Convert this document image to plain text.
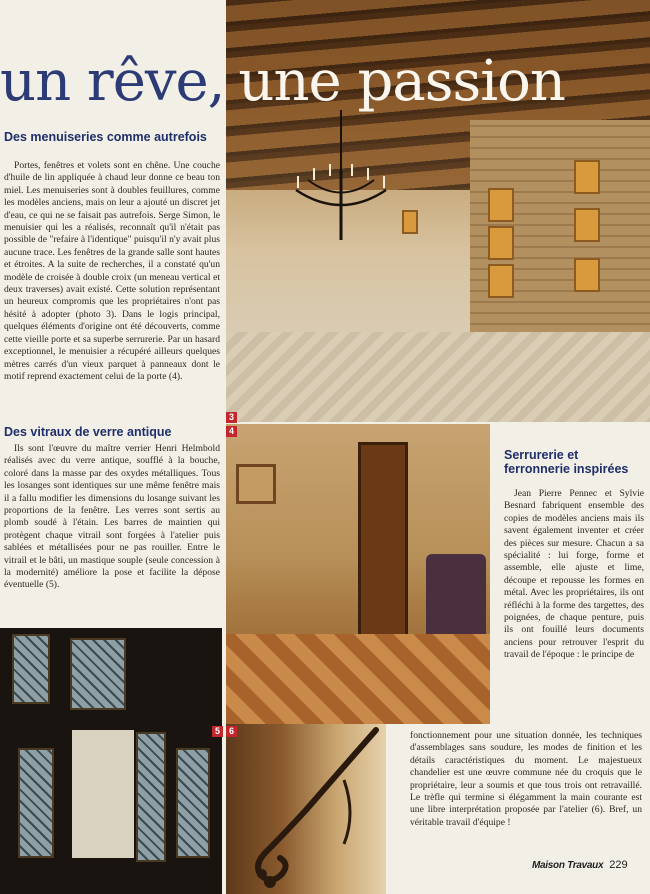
un rêve, une passion
Des menuiseries comme autrefois

Portes, fenêtres et volets sont en chêne. Une couche d'huile de lin appliquée à chaud leur donne ce beau ton miel. Les menuiseries sont à doubles feuillures, comme les modèles anciens, mais on leur a ajouté un discret jet d'eau, ce qui ne se faisait pas autrefois. Serge Simon, le menuisier qui les a réalisés, reconnaît qu'il n'était pas possible de "refaire à l'identique" puisqu'il n'y avait plus aucune trace. Les fenêtres de la grande salle sont hautes et étroites. A la suite de recherches, il a constaté qu'un modèle de croisée à double croix (un meneau vertical et deux traverses) avait existé. Cette solution représentant un heureux compromis que les propriétaires n'ont pas hésité à adopter (photo 3). Dans le logis principal, quelques éléments d'origine ont été découverts, comme cette vieille porte et sa superbe serrurerie. Par un hasard exceptionnel, le menuisier a récupéré ailleurs quelques mètres carrés d'un vieux parquet à panneaux dont le motif reprend exactement celui de la porte (4).

Des vitraux de verre antique

Ils sont l'œuvre du maître verrier Henri Helmbold réalisés avec du verre antique, soufflé à la bouche, coloré dans la masse par des oxydes métalliques. Tous les losanges sont identiques sur une même fenêtre mais il a fallu modifier les dimensions du losange suivant les proportions de la fenêtre. Les verres sont sertis au plomb soudé à l'étain. Les barres de maintien qui protègent chaque vitrail sont forgées à l'atelier puis sablées et métallisées pour ne pas rouiller. Entre le vitrail et le bâti, un mastique souple (seule concession à la modernité) améliore la pose et facilite la dépose éventuelle (5).

Serrurerie et ferronnerie inspirées

Jean Pierre Pennec et Sylvie Besnard fabriquent ensemble des copies de modèles anciens mais ils savent également inventer et créer des pièces sur mesure. Chacun a sa spécialité : lui forge, forme et assemble, elle ajuste et lime, découpe et repousse les formes en métal. Avec les propriétaires, ils ont réfléchi à la forme des targettes, des poignées, de chaque penture, puis ils ont fouillé leurs documents anciens pour retrouver l'esprit du travail de l'époque : le principe de

fonctionnement pour une situation donnée, les techniques d'assemblages sans soudure, les modes de finition et les détails caractéristiques du moment. Le majestueux chandelier est une œuvre commune née du croquis que le propriétaire, leur a soumis et que tous trois ont retravaillé. Le trèfle qui termine si élégamment la main courante est une libre interprétation proposée par l'atelier (6). Bref, un véritable travail d'équipe !

3
4
5 6
Maison Travaux 229
